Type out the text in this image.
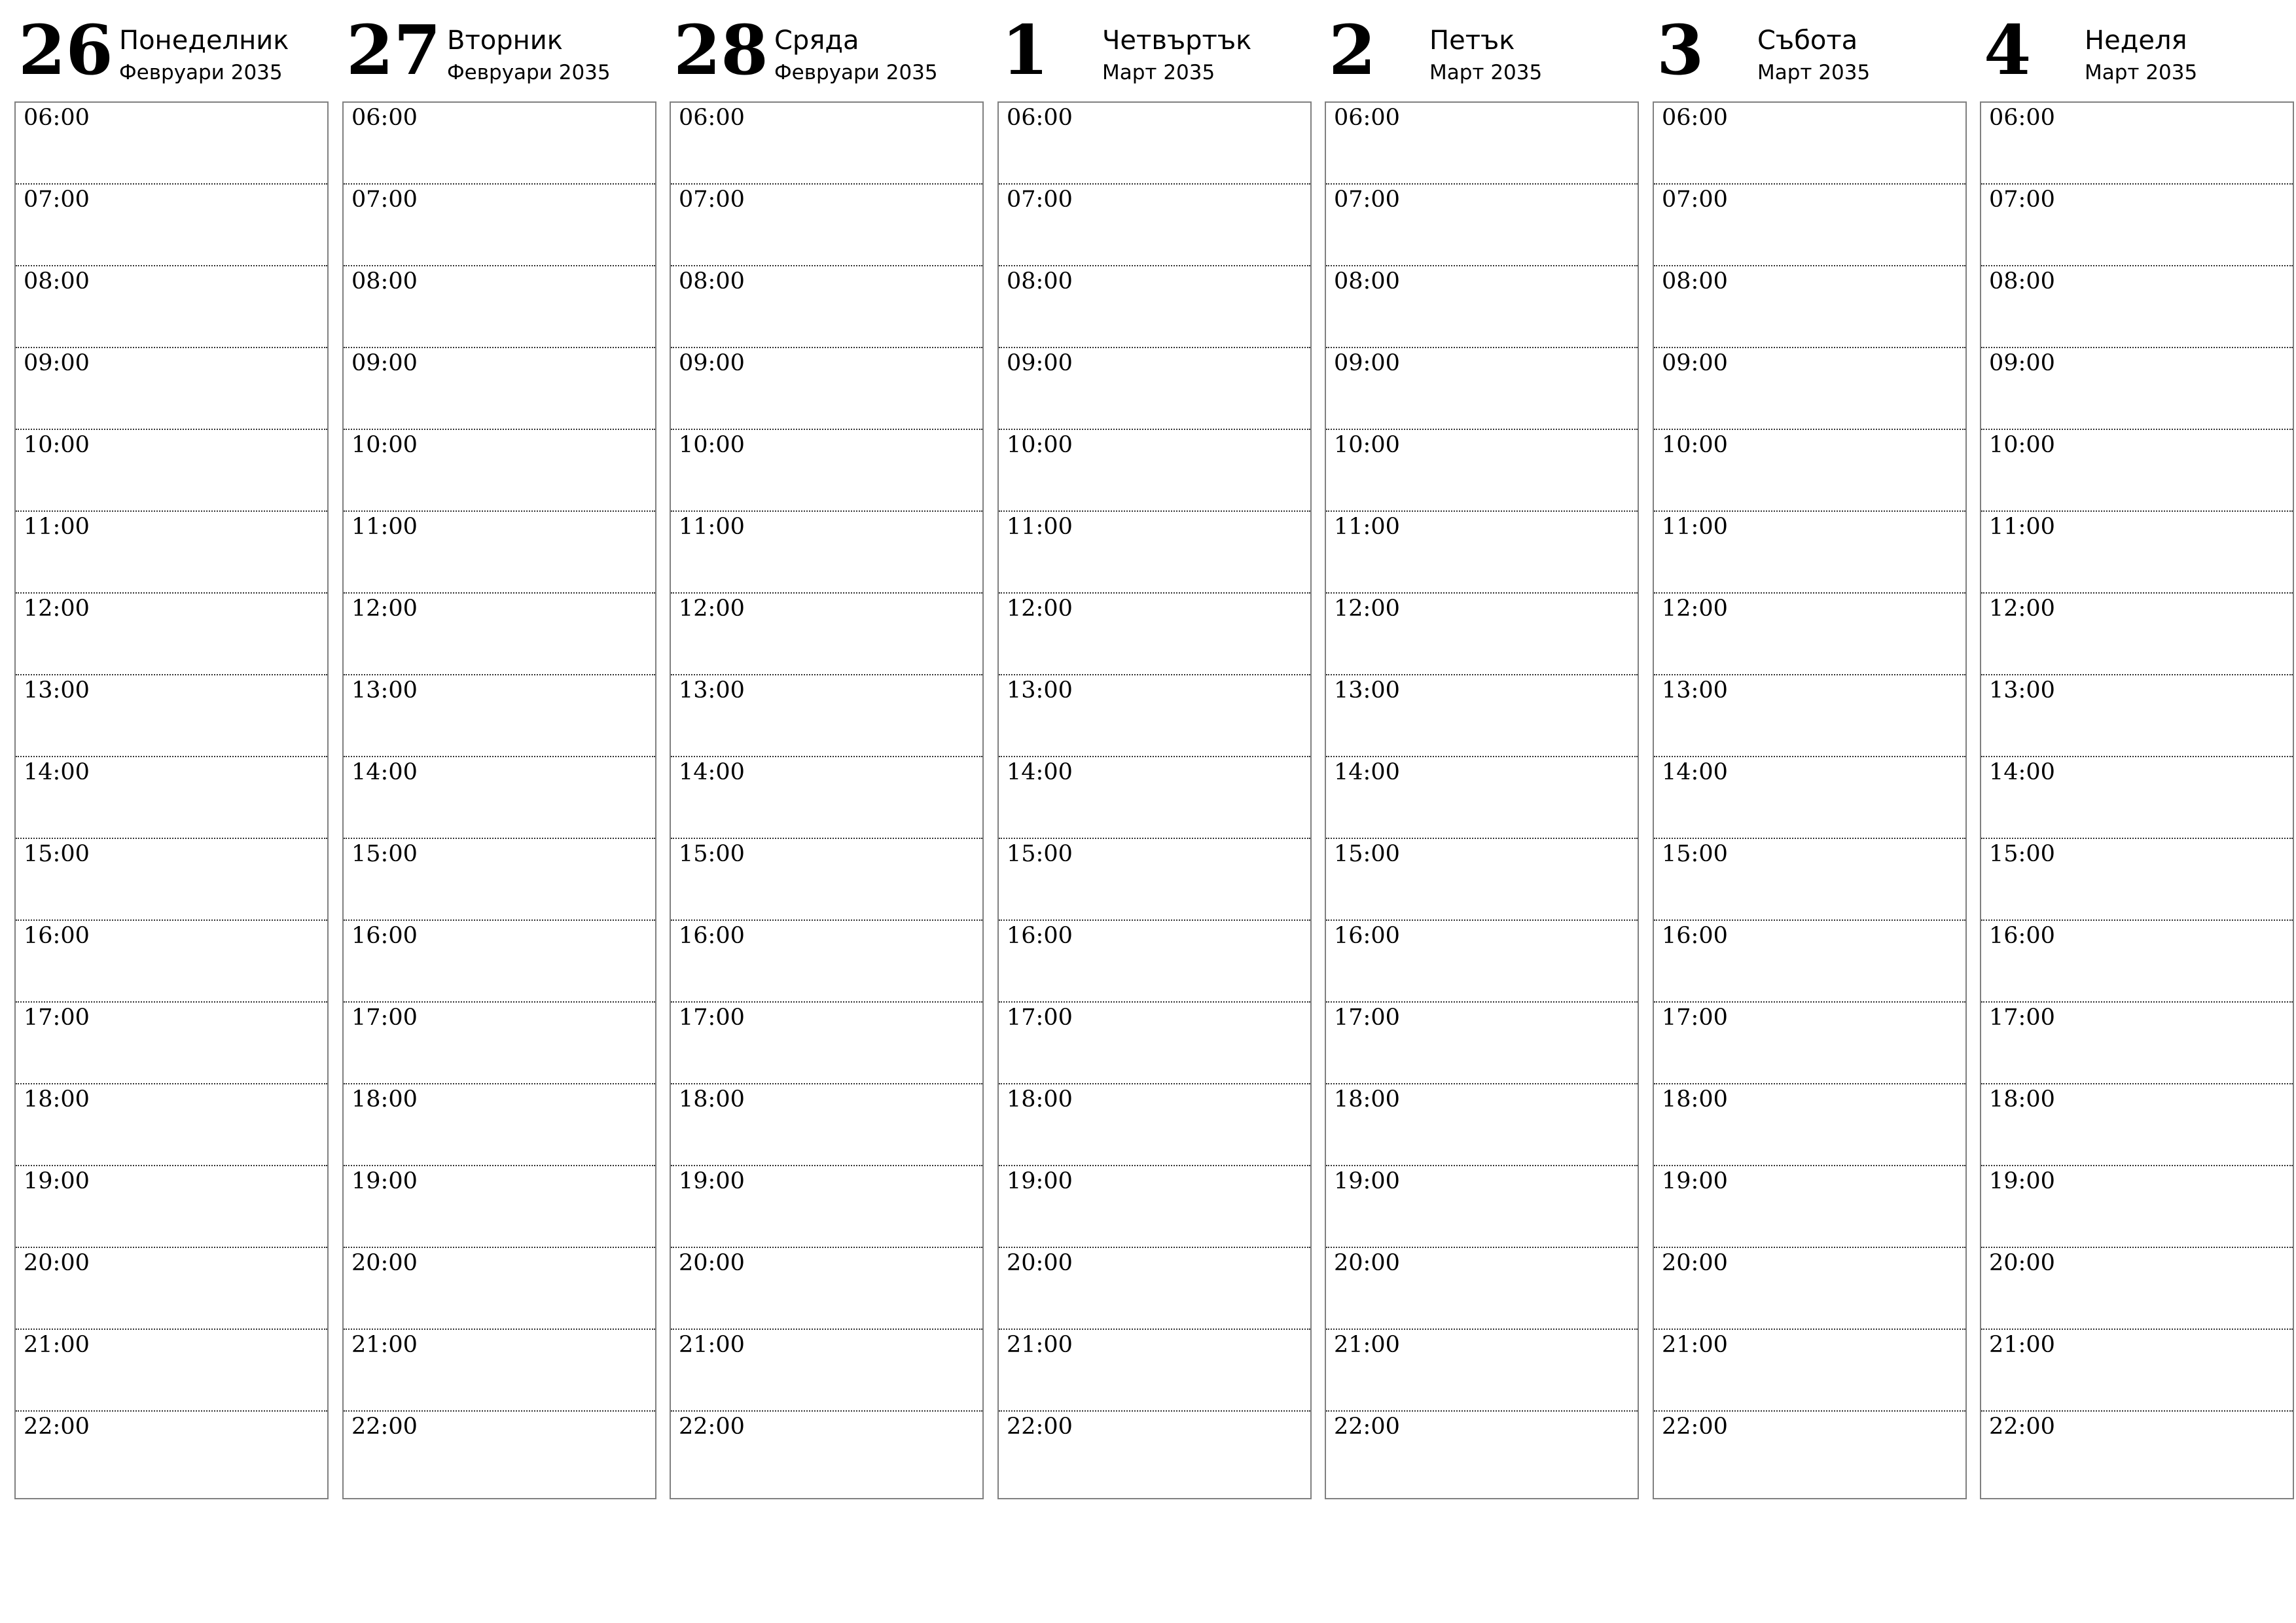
26 Понеделник
Февруари 2035
06:00
07:00
08:00
09:00
10:00
11:00
12:00
13:00
14:00
15:00
16:00
17:00
18:00
19:00
20:00
21:00
22:00
27 Вторник
Февруари 2035
06:00
07:00
08:00
09:00
10:00
11:00
12:00
13:00
14:00
15:00
16:00
17:00
18:00
19:00
20:00
21:00
22:00
28 Сряда
Февруари 2035
06:00
07:00
08:00
09:00
10:00
11:00
12:00
13:00
14:00
15:00
16:00
17:00
18:00
19:00
20:00
21:00
22:00
1 Четвъртък
Март 2035
06:00
07:00
08:00
09:00
10:00
11:00
12:00
13:00
14:00
15:00
16:00
17:00
18:00
19:00
20:00
21:00
22:00
2 Петък
Март 2035
06:00
07:00
08:00
09:00
10:00
11:00
12:00
13:00
14:00
15:00
16:00
17:00
18:00
19:00
20:00
21:00
22:00
3 Събота
Март 2035
06:00
07:00
08:00
09:00
10:00
11:00
12:00
13:00
14:00
15:00
16:00
17:00
18:00
19:00
20:00
21:00
22:00
4 Неделя
Март 2035
06:00
07:00
08:00
09:00
10:00
11:00
12:00
13:00
14:00
15:00
16:00
17:00
18:00
19:00
20:00
21:00
22:00
